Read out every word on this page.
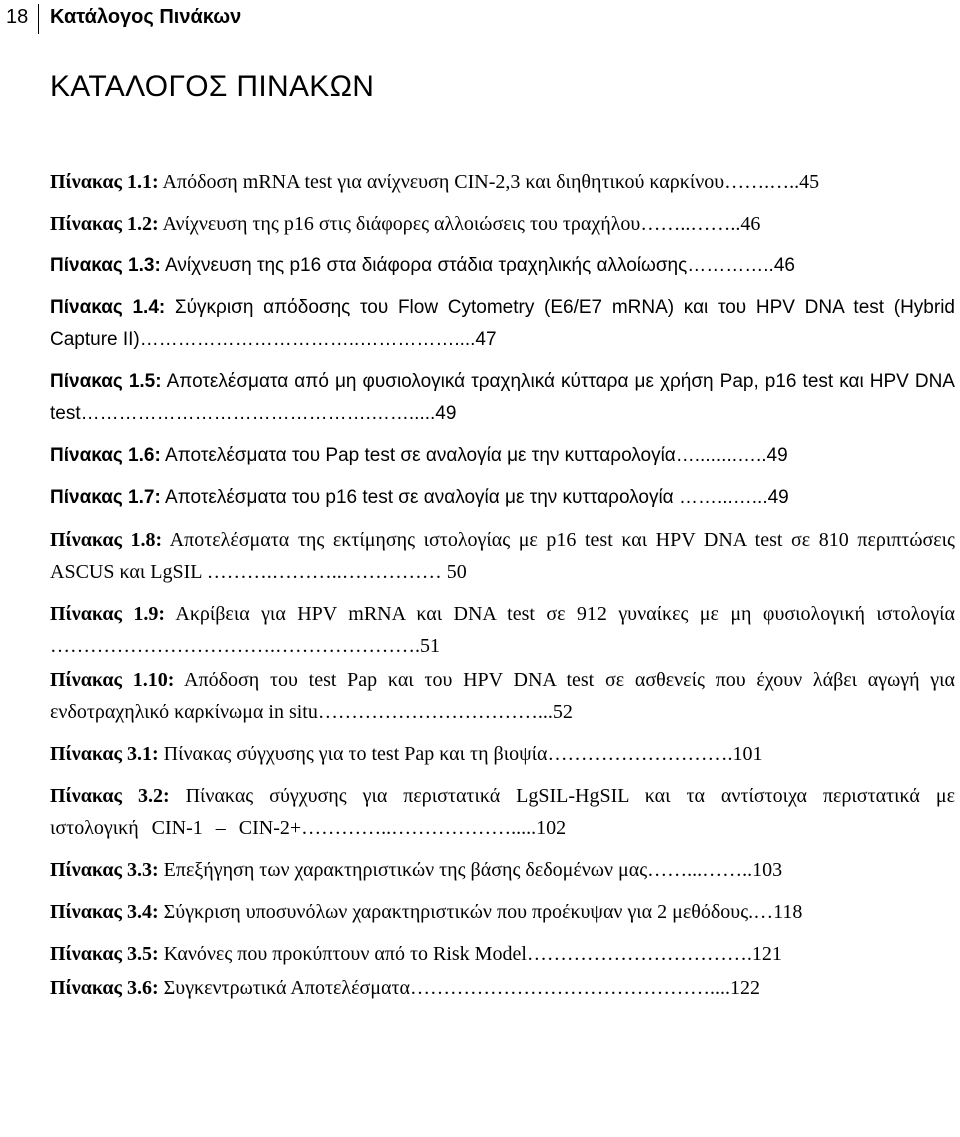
18 Κατάλογος Πινάκων
ΚΑΤΑΛΟΓΟΣ ΠΙΝΑΚΩΝ
Πίνακας 1.1: Απόδοση mRNA test για ανίχνευση CIN-2,3 και διηθητικού καρκίνου…….…..45
Πίνακας 1.2: Ανίχνευση της p16 στις διάφορες αλλοιώσεις του τραχήλου……..……..46
Πίνακας 1.3: Ανίχνευση της p16 στα διάφορα στάδια τραχηλικής αλλοίωσης…………..46
Πίνακας 1.4: Σύγκριση απόδοσης του Flow Cytometry (E6/E7 mRNA) και του HPV DNA test (Hybrid Capture II)……………………………..……………....47
Πίνακας 1.5: Αποτελέσματα από μη φυσιολογικά τραχηλικά κύτταρα με χρήση Pap, p16 test και HPV DNA test……………………………………….…….....49
Πίνακας 1.6: Αποτελέσματα του Pap test σε αναλογία με την κυτταρολογία…........…..49
Πίνακας 1.7: Αποτελέσματα του p16 test σε αναλογία με την κυτταρολογία ……...…...49
Πίνακας 1.8: Αποτελέσματα της εκτίμησης ιστολογίας με p16 test και HPV DNA test σε 810 περιπτώσεις ASCUS και LgSIL ……….………..…………… 50
Πίνακας 1.9: Ακρίβεια για HPV mRNA και DNA test σε 912 γυναίκες με μη φυσιολογική ιστολογία …………………………….………………….51
Πίνακας 1.10: Απόδοση του test Pap και του HPV DNA test σε ασθενείς που έχουν λάβει αγωγή για ενδοτραχηλικό καρκίνωμα in situ……………………………...52
Πίνακας 3.1: Πίνακας σύγχυσης για το test Pap και τη βιοψία……………………….101
Πίνακας 3.2: Πίνακας σύγχυσης για περιστατικά LgSIL-HgSIL και τα αντίστοιχα περιστατικά με ιστολογική CIN-1 – CIN-2+…………..……………….....102
Πίνακας 3.3: Επεξήγηση των χαρακτηριστικών της βάσης δεδομένων μας……...……..103
Πίνακας 3.4: Σύγκριση υποσυνόλων χαρακτηριστικών που προέκυψαν για 2 μεθόδους.…118
Πίνακας 3.5: Κανόνες που προκύπτουν από το Risk Model…………………………….121
Πίνακας 3.6: Συγκεντρωτικά Αποτελέσματα………………………………………....122
